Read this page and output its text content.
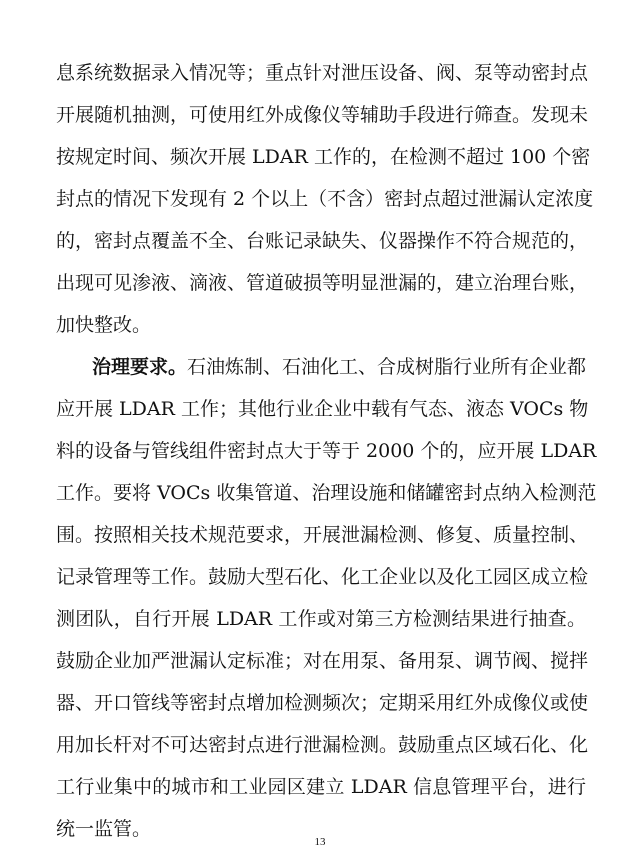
息系统数据录入情况等；重点针对泄压设备、阀、泵等动密封点
开展随机抽测，可使用红外成像仪等辅助手段进行筛查。发现未
按规定时间、频次开展 LDAR 工作的，在检测不超过 100 个密
封点的情况下发现有 2 个以上（不含）密封点超过泄漏认定浓度
的，密封点覆盖不全、台账记录缺失、仪器操作不符合规范的，
出现可见渗液、滴液、管道破损等明显泄漏的，建立治理台账，
加快整改。
治理要求。石油炼制、石油化工、合成树脂行业所有企业都
应开展 LDAR 工作；其他行业企业中载有气态、液态 VOCs 物
料的设备与管线组件密封点大于等于 2000 个的，应开展 LDAR
工作。要将 VOCs 收集管道、治理设施和储罐密封点纳入检测范
围。按照相关技术规范要求，开展泄漏检测、修复、质量控制、
记录管理等工作。鼓励大型石化、化工企业以及化工园区成立检
测团队，自行开展 LDAR 工作或对第三方检测结果进行抽查。
鼓励企业加严泄漏认定标准；对在用泵、备用泵、调节阀、搅拌
器、开口管线等密封点增加检测频次；定期采用红外成像仪或使
用加长杆对不可达密封点进行泄漏检测。鼓励重点区域石化、化
工行业集中的城市和工业园区建立 LDAR 信息管理平台，进行
统一监管。
13
